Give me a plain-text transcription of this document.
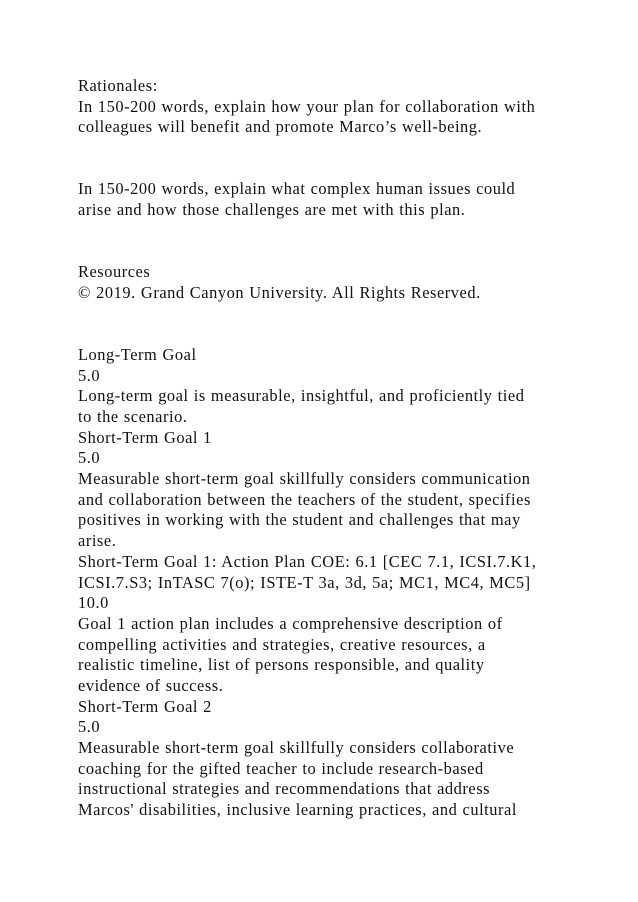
Rationales:
In 150-200 words, explain how your plan for collaboration with
colleagues will benefit and promote Marco’s well-being.
In 150-200 words, explain what complex human issues could
arise and how those challenges are met with this plan.
Resources
© 2019. Grand Canyon University. All Rights Reserved.
Long-Term Goal
5.0
Long-term goal is measurable, insightful, and proficiently tied
to the scenario.
Short-Term Goal 1
5.0
Measurable short-term goal skillfully considers communication
and collaboration between the teachers of the student, specifies
positives in working with the student and challenges that may
arise.
Short-Term Goal 1: Action Plan COE: 6.1 [CEC 7.1, ICSI.7.K1,
ICSI.7.S3; InTASC 7(o); ISTE-T 3a, 3d, 5a; MC1, MC4, MC5]
10.0
Goal 1 action plan includes a comprehensive description of
compelling activities and strategies, creative resources, a
realistic timeline, list of persons responsible, and quality
evidence of success.
Short-Term Goal 2
5.0
Measurable short-term goal skillfully considers collaborative
coaching for the gifted teacher to include research-based
instructional strategies and recommendations that address
Marcos' disabilities, inclusive learning practices, and cultural
